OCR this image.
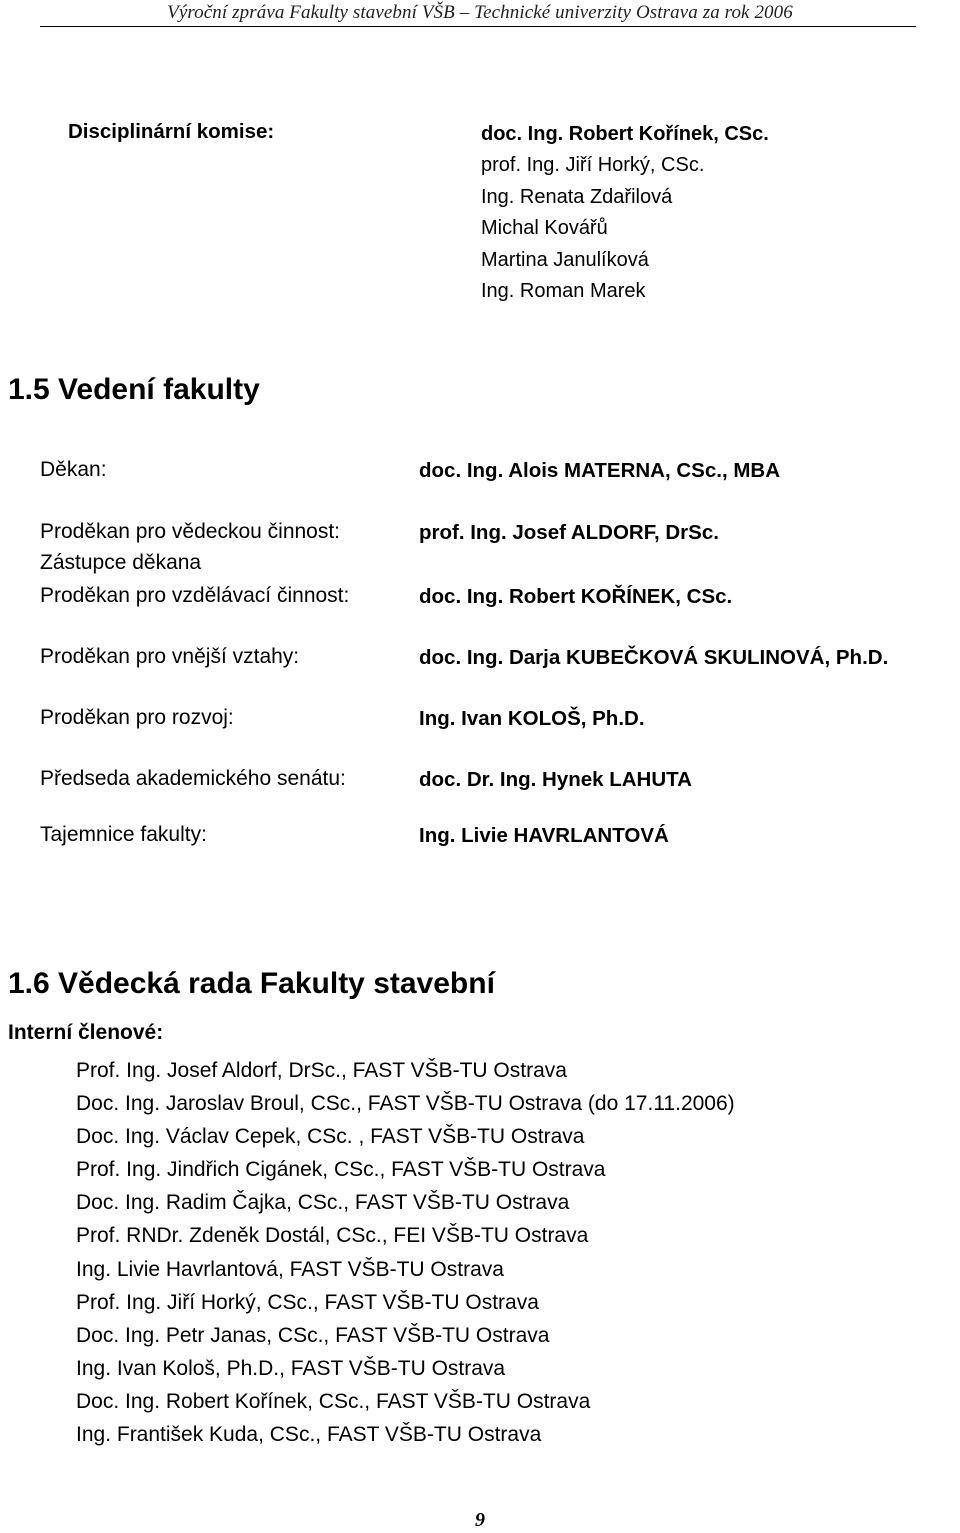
Výroční zpráva Fakulty stavební VŠB – Technické univerzity Ostrava za rok 2006
Disciplinární komise:	doc. Ing. Robert Kořínek, CSc.
prof. Ing. Jiří Horký, CSc.
Ing. Renata Zdařilová
Michal Kovářů
Martina Janulíková
Ing. Roman Marek
1.5 Vedení fakulty
Děkan:	doc. Ing. Alois MATERNA, CSc., MBA
Proděkan pro vědeckou činnost:	prof. Ing. Josef ALDORF, DrSc.
Zástupce děkana
Proděkan pro vzdělávací činnost:	doc. Ing. Robert KOŘÍNEK, CSc.
Proděkan pro vnější vztahy:	doc. Ing. Darja KUBEČKOVÁ SKULINOVÁ, Ph.D.
Proděkan pro rozvoj:	Ing. Ivan KOLOŠ, Ph.D.
Předseda akademického senátu:	doc. Dr. Ing. Hynek LAHUTA
Tajemnice fakulty:	Ing. Livie HAVRLANTOVÁ
1.6 Vědecká rada Fakulty stavební
Interní členové:
Prof. Ing. Josef Aldorf, DrSc., FAST VŠB-TU Ostrava
Doc. Ing. Jaroslav Broul, CSc., FAST VŠB-TU Ostrava (do 17.11.2006)
Doc. Ing. Václav Cepek, CSc. , FAST VŠB-TU Ostrava
Prof. Ing. Jindřich Cigánek, CSc., FAST VŠB-TU Ostrava
Doc. Ing. Radim Čajka, CSc., FAST VŠB-TU Ostrava
Prof. RNDr. Zdeněk Dostál, CSc., FEI VŠB-TU Ostrava
Ing. Livie Havrlantová, FAST VŠB-TU Ostrava
Prof. Ing. Jiří Horký, CSc., FAST VŠB-TU Ostrava
Doc. Ing. Petr Janas, CSc., FAST VŠB-TU Ostrava
Ing. Ivan Kološ, Ph.D., FAST VŠB-TU Ostrava
Doc. Ing. Robert Kořínek, CSc., FAST VŠB-TU Ostrava
Ing. František Kuda, CSc., FAST VŠB-TU Ostrava
9
